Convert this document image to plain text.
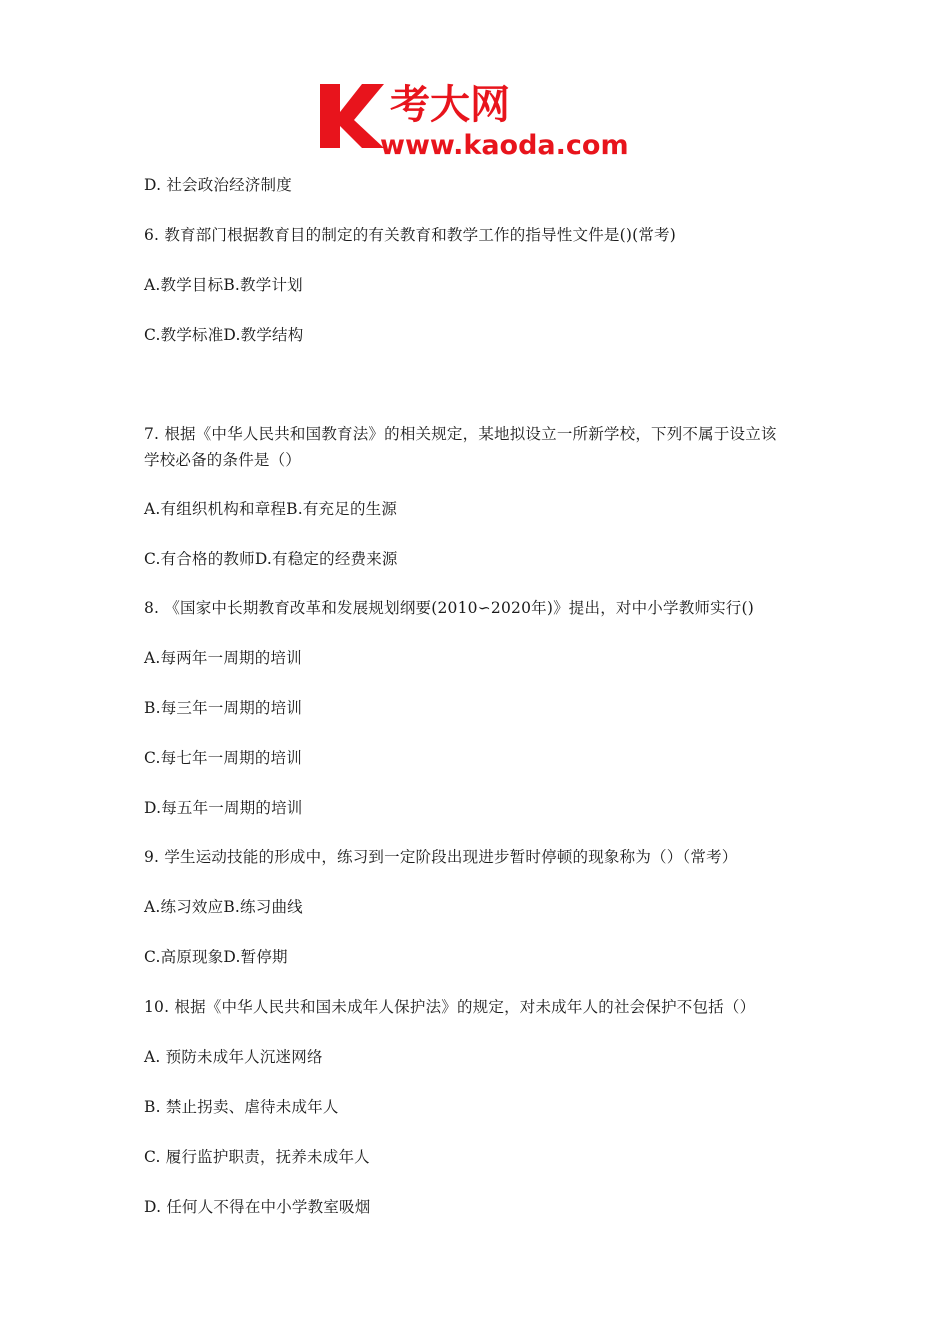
考大网
www.kaoda.com
D. 社会政治经济制度
6. 教育部门根据教育目的制定的有关教育和教学工作的指导性文件是()(常考)
A.教学目标B.教学计划
C.教学标准D.教学结构
7. 根据《中华人民共和国教育法》的相关规定，某地拟设立一所新学校，下列不属于设立该
学校必备的条件是（）
A.有组织机构和章程B.有充足的生源
C.有合格的教师D.有稳定的经费来源
8. 《国家中长期教育改革和发展规划纲要(2010∽2020年)》提出，对中小学教师实行()
A.每两年一周期的培训
B.每三年一周期的培训
C.每七年一周期的培训
D.每五年一周期的培训
9. 学生运动技能的形成中，练习到一定阶段出现进步暂时停顿的现象称为（）（常考）
A.练习效应B.练习曲线
C.高原现象D.暂停期
10. 根据《中华人民共和国未成年人保护法》的规定，对未成年人的社会保护不包括（）
A. 预防未成年人沉迷网络
B. 禁止拐卖、虐待未成年人
C. 履行监护职责，抚养未成年人
D. 任何人不得在中小学教室吸烟
